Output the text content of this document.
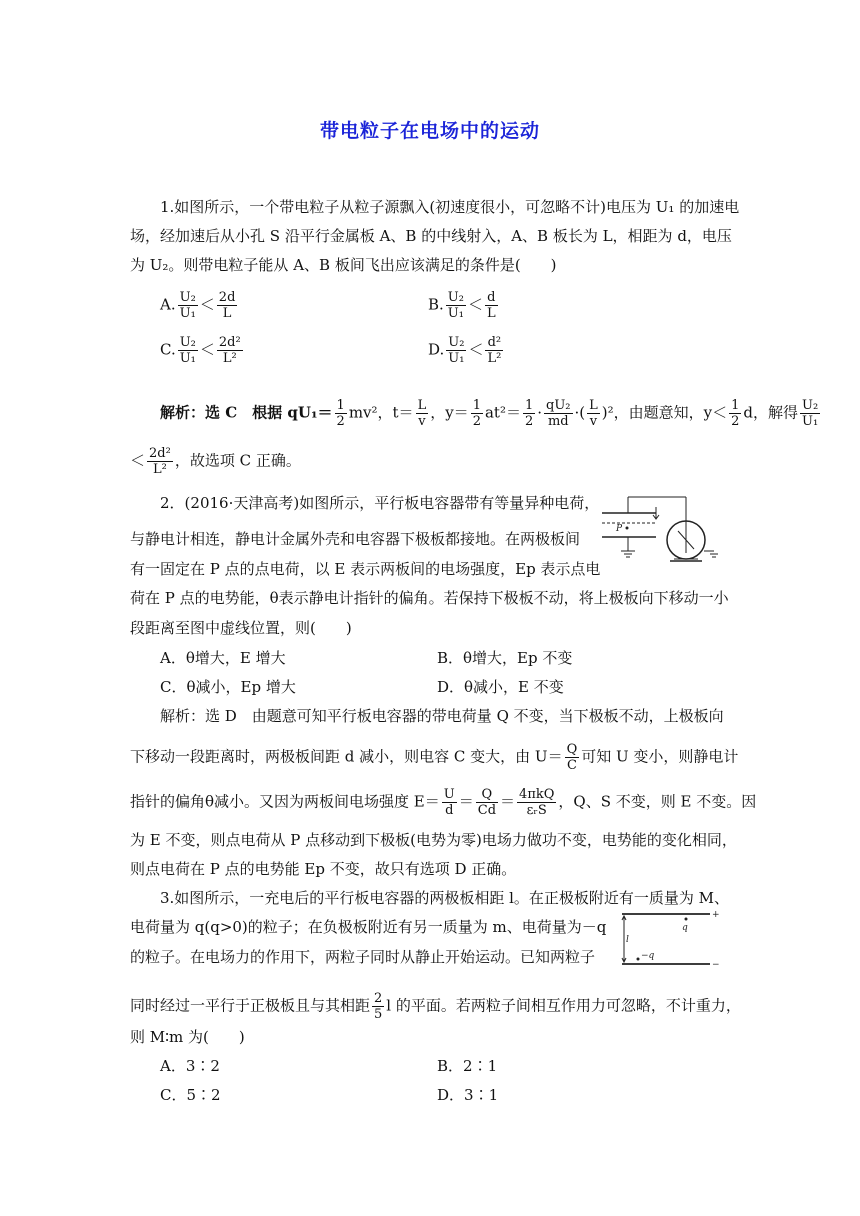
带电粒子在电场中的运动
1.如图所示，一个带电粒子从粒子源飘入(初速度很小，可忽略不计)电压为 U₁ 的加速电
场，经加速后从小孔 S 沿平行金属板 A、B 的中线射入，A、B 板长为 L，相距为 d，电压
为 U₂。则带电粒子能从 A、B 板间飞出应该满足的条件是(　　)
A. $\frac{\text{U₂}}{\text{U₁}} < \frac{2d}{L}$	B. $\frac{\text{U₂}}{\text{U₁}} < \frac{d}{L}$
C. $\frac{\text{U₂}}{\text{U₁}} < \frac{\text{2d²}}{\text{L²}}$	D. $\frac{\text{U₂}}{\text{U₁}} < \frac{\text{d²}}{\text{L²}}$
解析：选 C　根据 $qU_1= \frac{1}{2} mv^2$，$t= \frac{L}{v}$ ，$y= \frac{1}{2} at^2= \frac{1}{2} \cdot \frac{\text{qU₂}}{md}$ ·( $\frac{L}{v} )^2$，由题意知，$y< \frac{1}{2}$ d，解得 $\frac{\text{U₂}}{\text{U₁}}$
＜ $\frac{\text{2d²}}{\text{L²}}$ ，故选项 C 正确。
2．(2016·天津高考)如图所示，平行板电容器带有等量异种电荷，
与静电计相连，静电计金属外壳和电容器下极板都接地。在两极板间
有一固定在 P 点的点电荷，以 E 表示两板间的电场强度，Ep 表示点电
荷在 P 点的电势能，θ表示静电计指针的偏角。若保持下极板不动，将上极板向下移动一小
段距离至图中虚线位置，则(　　)
P
A．θ增大，E 增大	B．θ增大，Ep 不变
C．θ减小，Ep 增大	D．θ减小，E 不变
解析：选 D　由题意可知平行板电容器的带电荷量 Q 不变，当下极板不动，上极板向
下移动一段距离时，两极板间距 d 减小，则电容 C 变大，由 $U= \frac{Q}{C}$ 可知 U 变小，则静电计
指针的偏角θ减小。又因为两板间电场强度 $E= \frac{U}{d} = \frac{Q}{Cd} = \frac{\text{4πkQ}}{\text{εᵣS}}$ ，Q、S 不变，则 E 不变。因
为 E 不变，则点电荷从 P 点移动到下极板(电势为零)电场力做功不变，电势能的变化相同，
则点电荷在 P 点的电势能 Ep 不变，故只有选项 D 正确。
3.如图所示，一充电后的平行板电容器的两极板相距 l。在正极板附近有一质量为 M、
电荷量为 q(q>0)的粒子；在负极板附近有另一质量为 m、电荷量为－q
的粒子。在电场力的作用下，两粒子同时从静止开始运动。已知两粒子
+
−
q
−q
l
同时经过一平行于正极板且与其相距 $\frac{2}{5}$ l 的平面。若两粒子间相互作用力可忽略，不计重力，
则 M∶m 为(　　)
A．3∶2	B．2∶1
C．5∶2	D．3∶1
